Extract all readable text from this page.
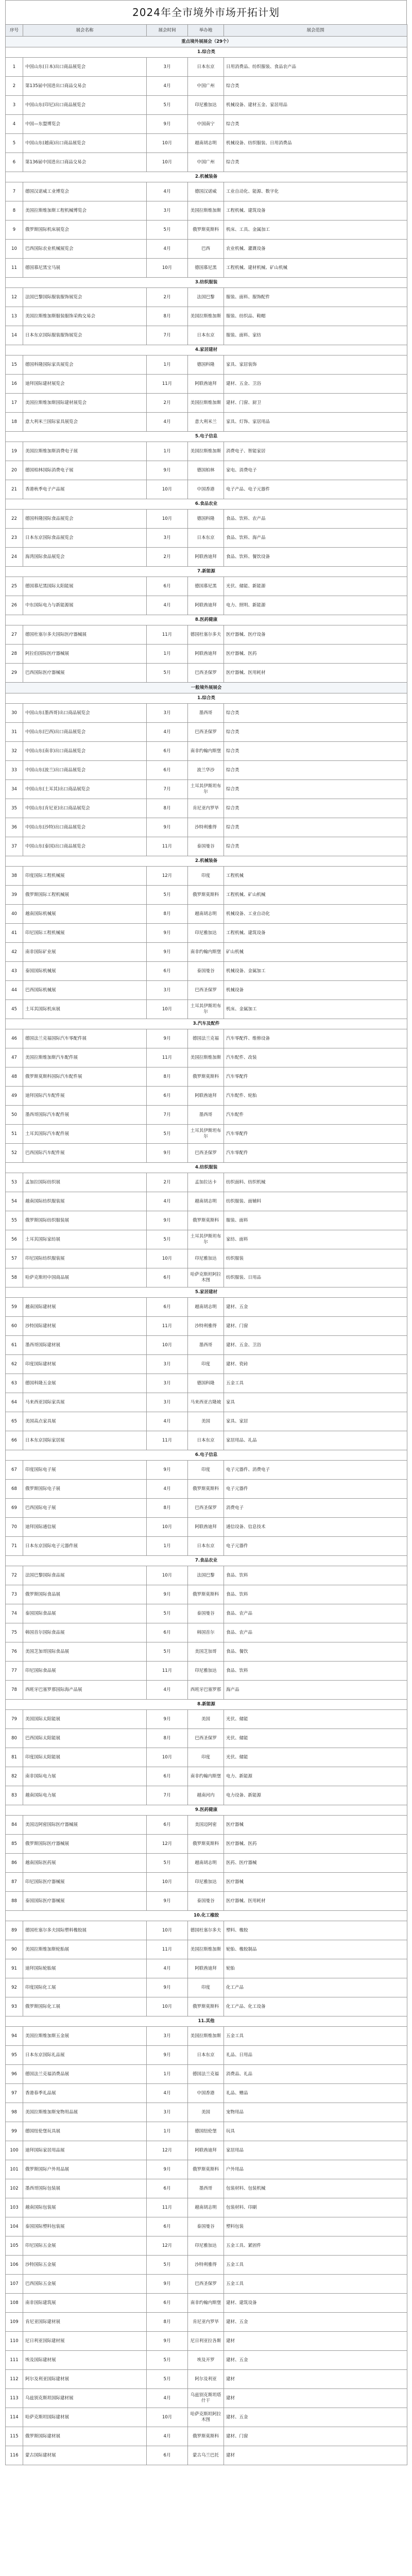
2024年全市境外市场开拓计划
序号	展会名称	展会时间	举办地	展会范围
重点境外展展会（29个）				
1.综合类				
1	中国山东(日本)出口商品展览会	3月	日本东京	日用消费品、纺织服装、食品农产品
2	第135届中国进出口商品交易会	4月	中国广州	综合类
3	中国山东(印尼)出口商品展览会	5月	印尼雅加达	机械设备、建材五金、家居用品
4	中国—东盟博览会	9月	中国南宁	综合类
5	中国山东(越南)出口商品展览会	10月	越南胡志明	机械设备、纺织服装、日用消费品
6	第136届中国进出口商品交易会	10月	中国广州	综合类
2.机械装备				
7	德国汉诺威工业博览会	4月	德国汉诺威	工业自动化、能源、数字化
8	美国拉斯维加斯工程机械博览会	3月	美国拉斯维加斯	工程机械、建筑设备
9	俄罗斯国际机床展览会	5月	俄罗斯莫斯科	机床、工具、金属加工
10	巴西国际农业机械展览会	4月	巴西	农业机械、灌溉设备
11	德国慕尼黑宝马展	10月	德国慕尼黑	工程机械、建材机械、矿山机械
3.纺织服装				
12	法国巴黎国际服装服饰展览会	2月	法国巴黎	服装、面料、服饰配件
13	美国拉斯维加斯服装服饰采购交易会	8月	美国拉斯维加斯	服装、纺织品、鞋帽
14	日本东京国际服装服饰展览会	7月	日本东京	服装、面料、家纺
4.家居建材				
15	德国科隆国际家具展览会	1月	德国科隆	家具、家居装饰
16	迪拜国际建材展览会	11月	阿联酋迪拜	建材、五金、卫浴
17	美国拉斯维加斯国际建材展览会	2月	美国拉斯维加斯	建材、门窗、厨卫
18	意大利米兰国际家具展览会	4月	意大利米兰	家具、灯饰、家居用品
5.电子信息				
19	美国拉斯维加斯消费电子展	1月	美国拉斯维加斯	消费电子、智能家居
20	德国柏林国际消费电子展	9月	德国柏林	家电、消费电子
21	香港秋季电子产品展	10月	中国香港	电子产品、电子元器件
6.食品农业				
22	德国科隆国际食品展览会	10月	德国科隆	食品、饮料、农产品
23	日本东京国际食品展览会	3月	日本东京	食品、饮料、海产品
24	海湾国际食品展览会	2月	阿联酋迪拜	食品、饮料、餐饮设备
7.新能源				
25	德国慕尼黑国际太阳能展	6月	德国慕尼黑	光伏、储能、新能源
26	中东国际电力与新能源展	4月	阿联酋迪拜	电力、照明、新能源
8.医药健康				
27	德国杜塞尔多夫国际医疗器械展	11月	德国杜塞尔多夫	医疗器械、医疗设备
28	阿拉伯国际医疗器械展	1月	阿联酋迪拜	医疗器械、医药
29	巴西国际医疗器械展	5月	巴西圣保罗	医疗器械、医用耗材
一般境外展展会				
1.综合类				
30	中国山东(墨西哥)出口商品展览会	3月	墨西哥	综合类
31	中国山东(巴西)出口商品展览会	4月	巴西圣保罗	综合类
32	中国山东(南非)出口商品展览会	6月	南非约翰内斯堡	综合类
33	中国山东(波兰)出口商品展览会	6月	波兰华沙	综合类
34	中国山东(土耳其)出口商品展览会	7月	土耳其伊斯坦布尔	综合类
35	中国山东(肯尼亚)出口商品展览会	8月	肯尼亚内罗毕	综合类
36	中国山东(沙特)出口商品展览会	9月	沙特利雅得	综合类
37	中国山东(泰国)出口商品展览会	11月	泰国曼谷	综合类
2.机械装备				
38	印度国际工程机械展	12月	印度	工程机械
39	俄罗斯国际工程机械展	5月	俄罗斯莫斯科	工程机械、矿山机械
40	越南国际机械展	8月	越南胡志明	机械设备、工业自动化
41	印尼国际工程机械展	9月	印尼雅加达	工程机械、建筑设备
42	南非国际矿业展	9月	南非约翰内斯堡	矿山机械
43	泰国国际机械展	6月	泰国曼谷	机械设备、金属加工
44	巴西国际机械展	3月	巴西圣保罗	机械设备
45	土耳其国际机床展	10月	土耳其伊斯坦布尔	机床、金属加工
3.汽车及配件				
46	德国法兰克福国际汽车零配件展	9月	德国法兰克福	汽车零配件、维修设备
47	美国拉斯维加斯汽车配件展	11月	美国拉斯维加斯	汽车配件、改装
48	俄罗斯莫斯科国际汽车配件展	8月	俄罗斯莫斯科	汽车零配件
49	迪拜国际汽车配件展	6月	阿联酋迪拜	汽车配件、轮胎
50	墨西哥国际汽车配件展	7月	墨西哥	汽车配件
51	土耳其国际汽车配件展	5月	土耳其伊斯坦布尔	汽车零配件
52	巴西国际汽车配件展	9月	巴西圣保罗	汽车零配件
4.纺织服装				
53	孟加拉国际纺织展	2月	孟加拉达卡	纺织面料、纺织机械
54	越南国际纺织服装展	4月	越南胡志明	纺织服装、面辅料
55	俄罗斯国际纺织服装展	9月	俄罗斯莫斯科	服装、面料
56	土耳其国际家纺展	5月	土耳其伊斯坦布尔	家纺、面料
57	印尼国际纺织服装展	10月	印尼雅加达	纺织服装
58	哈萨克斯坦中国商品展	6月	哈萨克斯坦阿拉木图	纺织服装、日用品
5.家居建材				
59	越南国际建材展	6月	越南胡志明	建材、五金
60	沙特国际建材展	11月	沙特利雅得	建材、门窗
61	墨西哥国际建材展	10月	墨西哥	建材、五金、卫浴
62	印度国际建材展	3月	印度	建材、瓷砖
63	德国科隆五金展	3月	德国科隆	五金工具
64	马来西亚国际家具展	3月	马来西亚吉隆坡	家具
65	美国高点家具展	4月	美国	家具、家居
66	日本东京国际家居展	11月	日本东京	家居用品、礼品
6.电子信息				
67	印度国际电子展	9月	印度	电子元器件、消费电子
68	俄罗斯国际电子展	4月	俄罗斯莫斯科	电子元器件
69	巴西国际电子展	8月	巴西圣保罗	消费电子
70	迪拜国际通信展	10月	阿联酋迪拜	通信设备、信息技术
71	日本东京国际电子元器件展	1月	日本东京	电子元器件
7.食品农业				
72	法国巴黎国际食品展	10月	法国巴黎	食品、饮料
73	俄罗斯国际食品展	9月	俄罗斯莫斯科	食品、饮料
74	泰国国际食品展	5月	泰国曼谷	食品、农产品
75	韩国首尔国际食品展	6月	韩国首尔	食品、农产品
76	美国芝加哥国际食品展	5月	美国芝加哥	食品、餐饮
77	印尼国际食品展	11月	印尼雅加达	食品、饮料
78	西班牙巴塞罗那国际海产品展	4月	西班牙巴塞罗那	海产品
8.新能源				
79	美国国际太阳能展	9月	美国	光伏、储能
80	巴西国际太阳能展	8月	巴西圣保罗	光伏、储能
81	印度国际太阳能展	10月	印度	光伏、储能
82	南非国际电力展	6月	南非约翰内斯堡	电力、新能源
83	越南国际电力展	7月	越南河内	电力设备、新能源
9.医药健康				
84	美国迈阿密国际医疗器械展	6月	美国迈阿密	医疗器械
85	俄罗斯国际医疗器械展	12月	俄罗斯莫斯科	医疗器械、医药
86	越南国际医药展	5月	越南胡志明	医药、医疗器械
87	印尼国际医疗器械展	10月	印尼雅加达	医疗器械
88	泰国国际医疗器械展	9月	泰国曼谷	医疗器械、医用耗材
10.化工橡胶				
89	德国杜塞尔多夫国际塑料橡胶展	10月	德国杜塞尔多夫	塑料、橡胶
90	美国拉斯维加斯轮胎展	11月	美国拉斯维加斯	轮胎、橡胶制品
91	迪拜国际轮胎展	4月	阿联酋迪拜	轮胎
92	印度国际化工展	9月	印度	化工产品
93	俄罗斯国际化工展	10月	俄罗斯莫斯科	化工产品、化工设备
11.其他				
94	美国拉斯维加斯五金展	3月	美国拉斯维加斯	五金工具
95	日本东京国际礼品展	9月	日本东京	礼品、日用品
96	德国法兰克福消费品展	1月	德国法兰克福	消费品、礼品
97	香港春季礼品展	4月	中国香港	礼品、赠品
98	美国拉斯维加斯宠物用品展	3月	美国	宠物用品
99	德国纽伦堡玩具展	1月	德国纽伦堡	玩具
100	迪拜国际家居用品展	12月	阿联酋迪拜	家居用品
101	俄罗斯国际户外用品展	9月	俄罗斯莫斯科	户外用品
102	墨西哥国际包装展	6月	墨西哥	包装材料、包装机械
103	越南国际包装展	11月	越南胡志明	包装材料、印刷
104	泰国国际塑料包装展	6月	泰国曼谷	塑料包装
105	印尼国际五金展	12月	印尼雅加达	五金工具、紧固件
106	沙特国际五金展	5月	沙特利雅得	五金工具
107	巴西国际五金展	9月	巴西圣保罗	五金工具
108	南非国际建筑展	6月	南非约翰内斯堡	建材、建筑设备
109	肯尼亚国际建材展	8月	肯尼亚内罗毕	建材、五金
110	尼日利亚国际建材展	9月	尼日利亚拉各斯	建材
111	埃及国际建材展	5月	埃及开罗	建材、五金
112	阿尔及利亚国际建材展	5月	阿尔及利亚	建材
113	乌兹别克斯坦国际建材展	4月	乌兹别克斯坦塔什干	建材
114	哈萨克斯坦国际建材展	10月	哈萨克斯坦阿拉木图	建材、五金
115	俄罗斯国际建材展	4月	俄罗斯莫斯科	建材、门窗
116	蒙古国际建材展	6月	蒙古乌兰巴托	建材
